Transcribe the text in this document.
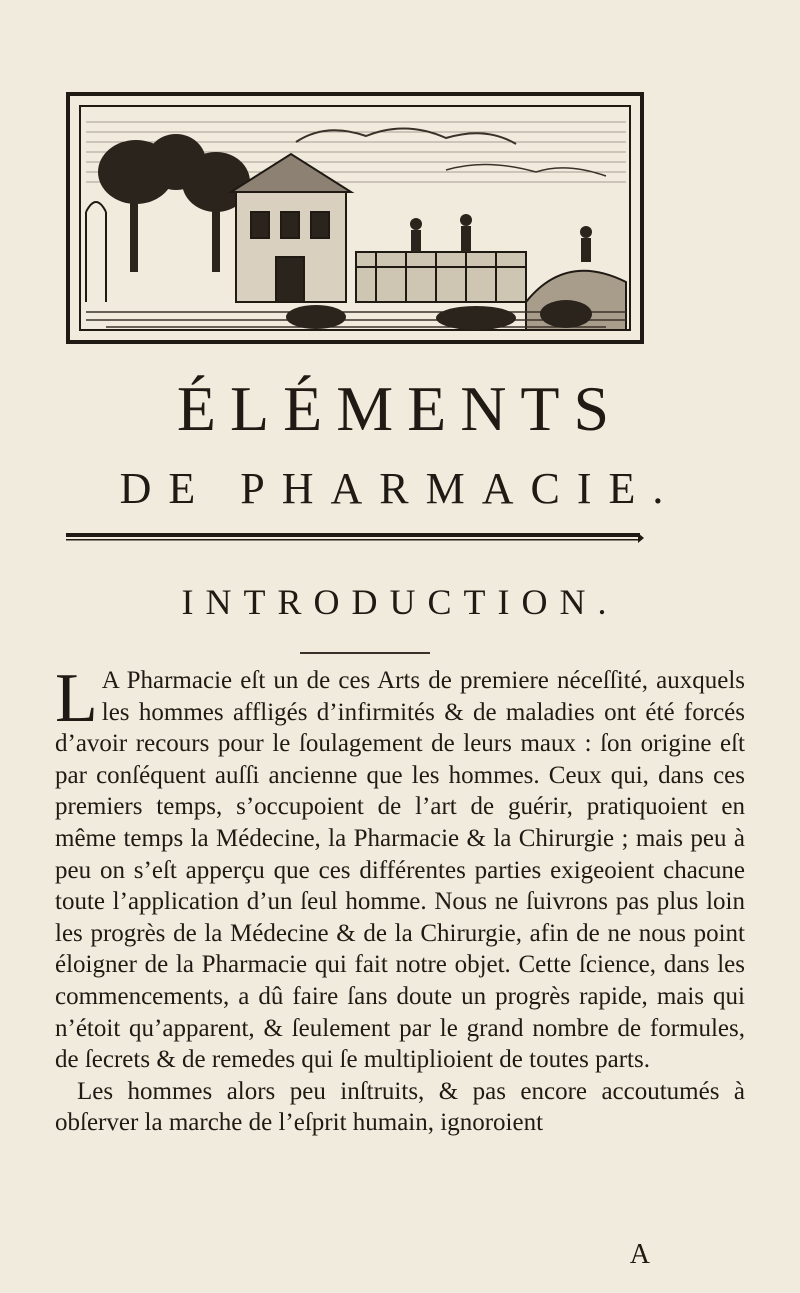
ÉLÉMENTS
DE PHARMACIE.
INTRODUCTION.

L A Pharmacie eſt un de ces Arts de premiere néceſſité, auxquels les hommes affligés d’infirmités & de maladies ont été forcés d’avoir recours pour le ſoulagement de leurs maux : ſon origine eſt par conſéquent auſſi ancienne que les hommes. Ceux qui, dans ces premiers temps, s’occupoient de l’art de guérir, pratiquoient en même temps la Médecine, la Pharmacie & la Chirurgie ; mais peu à peu on s’eſt apperçu que ces différentes parties exigeoient chacune toute l’application d’un ſeul homme. Nous ne ſuivrons pas plus loin les progrès de la Médecine & de la Chirurgie, afin de ne nous point éloigner de la Pharmacie qui fait notre objet. Cette ſcience, dans les commencements, a dû faire ſans doute un progrès rapide, mais qui n’étoit qu’apparent, & ſeulement par le grand nombre de formules, de ſecrets & de remedes qui ſe multiplioient de toutes parts.

Les hommes alors peu inſtruits, & pas encore accoutumés à obſerver la marche de l’eſprit humain, ignoroient

A
